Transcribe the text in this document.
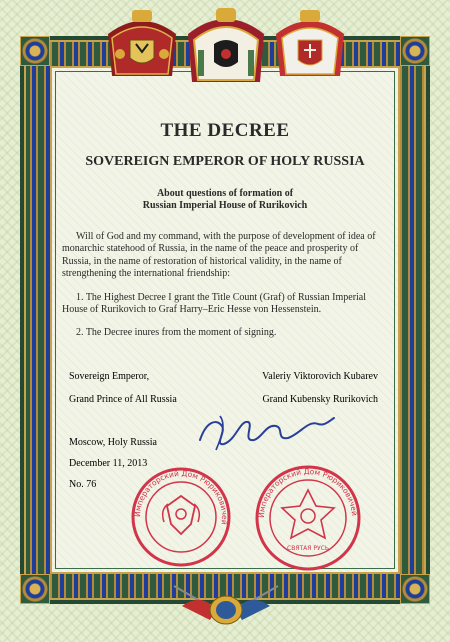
THE DECREE
SOVEREIGN EMPEROR OF HOLY RUSSIA
About questions of formation of
Russian Imperial House of Rurikovich
Will of God and my command, with the purpose of development of idea of monarchic statehood of Russia, in the name of the peace and prosperity of Russia, in the name of restoration of historical validity, in the name of strengthening the international friendship:
1. The Highest Decree I grant the Title Count (Graf) of Russian Imperial House of Rurikovich to Graf Harry–Eric Hesse von Hessenstein.
2. The Decree inures from the moment of signing.
Sovereign Emperor,
Grand Prince of All Russia
Valeriy Viktorovich Kubarev
Grand Kubensky Rurikovich
Moscow, Holy Russia
December 11, 2013
No. 76
Императорский Дом Рюриковичей
Императорский Дом Рюриковичей
СВЯТАЯ РУСЬ
